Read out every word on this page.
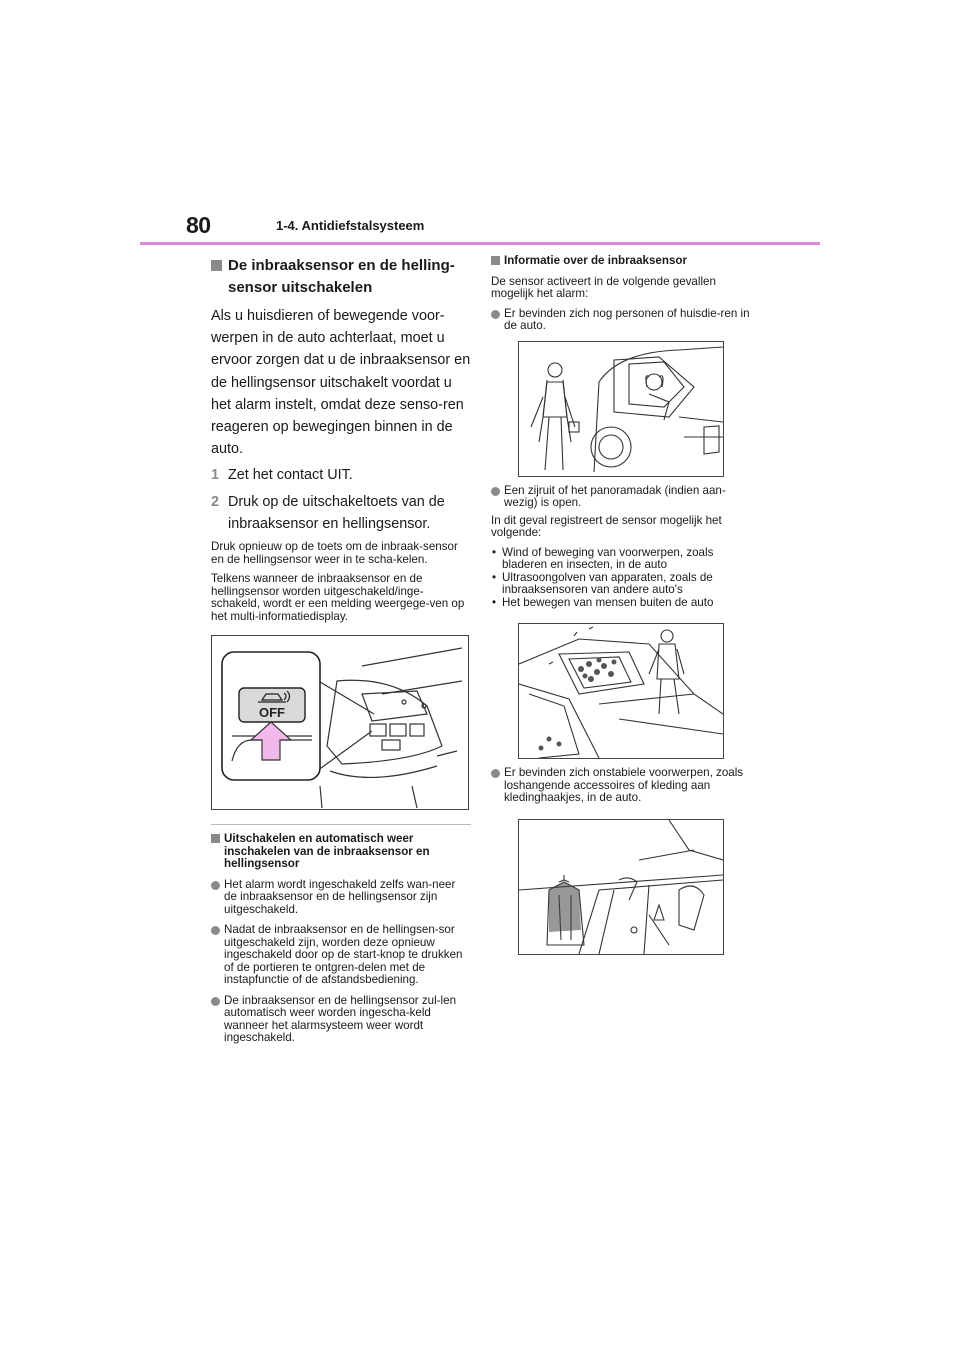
80	1-4. Antidiefstalsysteem
De inbraaksensor en de helling-sensor uitschakelen

Als u huisdieren of bewegende voor-werpen in de auto achterlaat, moet u ervoor zorgen dat u de inbraaksensor en de hellingsensor uitschakelt voordat u het alarm instelt, omdat deze senso-ren reageren op bewegingen binnen in de auto.

1 Zet het contact UIT.
2 Druk op de uitschakeltoets van de inbraaksensor en hellingsensor.

Druk opnieuw op de toets om de inbraak-sensor en de hellingsensor weer in te scha-kelen.

Telkens wanneer de inbraaksensor en de hellingsensor worden uitgeschakeld/inge-schakeld, wordt er een melding weergege-ven op het multi-informatiedisplay.

OFF
Uitschakelen en automatisch weer inschakelen van de inbraaksensor en hellingsensor
Het alarm wordt ingeschakeld zelfs wan-neer de inbraaksensor en de hellingsensor zijn uitgeschakeld.
Nadat de inbraaksensor en de hellingsen-sor uitgeschakeld zijn, worden deze opnieuw ingeschakeld door op de start-knop te drukken of de portieren te ontgren-delen met de instapfunctie of de afstandsbediening.
De inbraaksensor en de hellingsensor zul-len automatisch weer worden ingescha-keld wanneer het alarmsysteem weer wordt ingeschakeld.
Informatie over de inbraaksensor

De sensor activeert in de volgende gevallen mogelijk het alarm:

Er bevinden zich nog personen of huisdie-ren in de auto.
Een zijruit of het panoramadak (indien aan-wezig) is open.

In dit geval registreert de sensor mogelijk het volgende:

• Wind of beweging van voorwerpen, zoals bladeren en insecten, in de auto
• Ultrasoongolven van apparaten, zoals de inbraaksensoren van andere auto's
• Het bewegen van mensen buiten de auto
Er bevinden zich onstabiele voorwerpen, zoals loshangende accessoires of kleding aan kledinghaakjes, in de auto.
